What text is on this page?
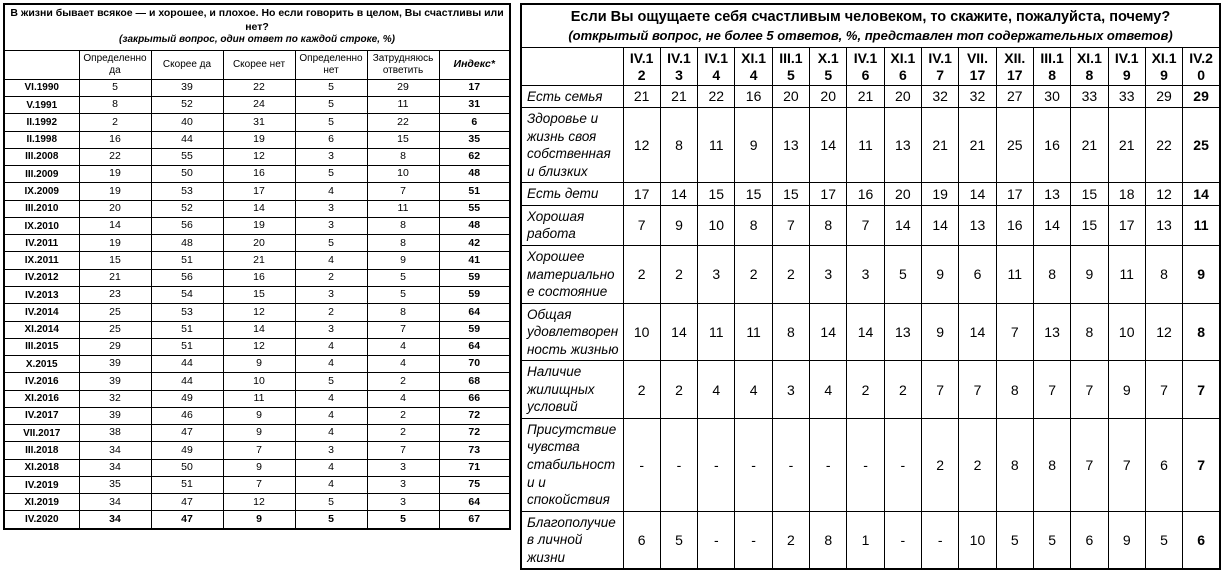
В жизни бывает всякое — и хорошее, и плохое. Но если говорить в целом, Вы счастливы или нет?
(закрытый вопрос, один ответ по каждой строке, %)						

	Определенно да	Скорее да	Скорее нет	Определенно нет	Затрудняюсь ответить	Индекс*
VI.1990	5	39	22	5	29	17
V.1991	8	52	24	5	11	31
II.1992	2	40	31	5	22	6
II.1998	16	44	19	6	15	35
III.2008	22	55	12	3	8	62
III.2009	19	50	16	5	10	48
IX.2009	19	53	17	4	7	51
III.2010	20	52	14	3	11	55
IX.2010	14	56	19	3	8	48
IV.2011	19	48	20	5	8	42
IX.2011	15	51	21	4	9	41
IV.2012	21	56	16	2	5	59
IV.2013	23	54	15	3	5	59
IV.2014	25	53	12	2	8	64
XI.2014	25	51	14	3	7	59
III.2015	29	51	12	4	4	64
X.2015	39	44	9	4	4	70
IV.2016	39	44	10	5	2	68
XI.2016	32	49	11	4	4	66
IV.2017	39	46	9	4	2	72
VII.2017	38	47	9	4	2	72
III.2018	34	49	7	3	7	73
XI.2018	34	50	9	4	3	71
IV.2019	35	51	7	4	3	75
XI.2019	34	47	12	5	3	64
IV.2020	34	47	9	5	5	67
Если Вы ощущаете себя счастливым человеком, то скажите, пожалуйста, почему?
(открытый вопрос, не более 5 ответов, %, представлен топ содержательных ответов)																

	IV.12	IV.13	IV.14	XI.14	III.15	X.15	IV.16	XI.16	IV.17	VII.17	XII.17	III.18	XI.18	IV.19	XI.19	IV.20
Есть семья	21	21	22	16	20	20	21	20	32	32	27	30	33	33	29	29
Здоровье и жизнь своя собственная и близких	12	8	11	9	13	14	11	13	21	21	25	16	21	21	22	25
Есть дети	17	14	15	15	15	17	16	20	19	14	17	13	15	18	12	14
Хорошая работа	7	9	10	8	7	8	7	14	14	13	16	14	15	17	13	11
Хорошее материальное состояние	2	2	3	2	2	3	3	5	9	6	11	8	9	11	8	9
Общая удовлетворенность жизнью	10	14	11	11	8	14	14	13	9	14	7	13	8	10	12	8
Наличие жилищных условий	2	2	4	4	3	4	2	2	7	7	8	7	7	9	7	7
Присутствие чувства стабильности и спокойствия	-	-	-	-	-	-	-	-	2	2	8	8	7	7	6	7
Благополучие в личной жизни	6	5	-	-	2	8	1	-	-	10	5	5	6	9	5	6
